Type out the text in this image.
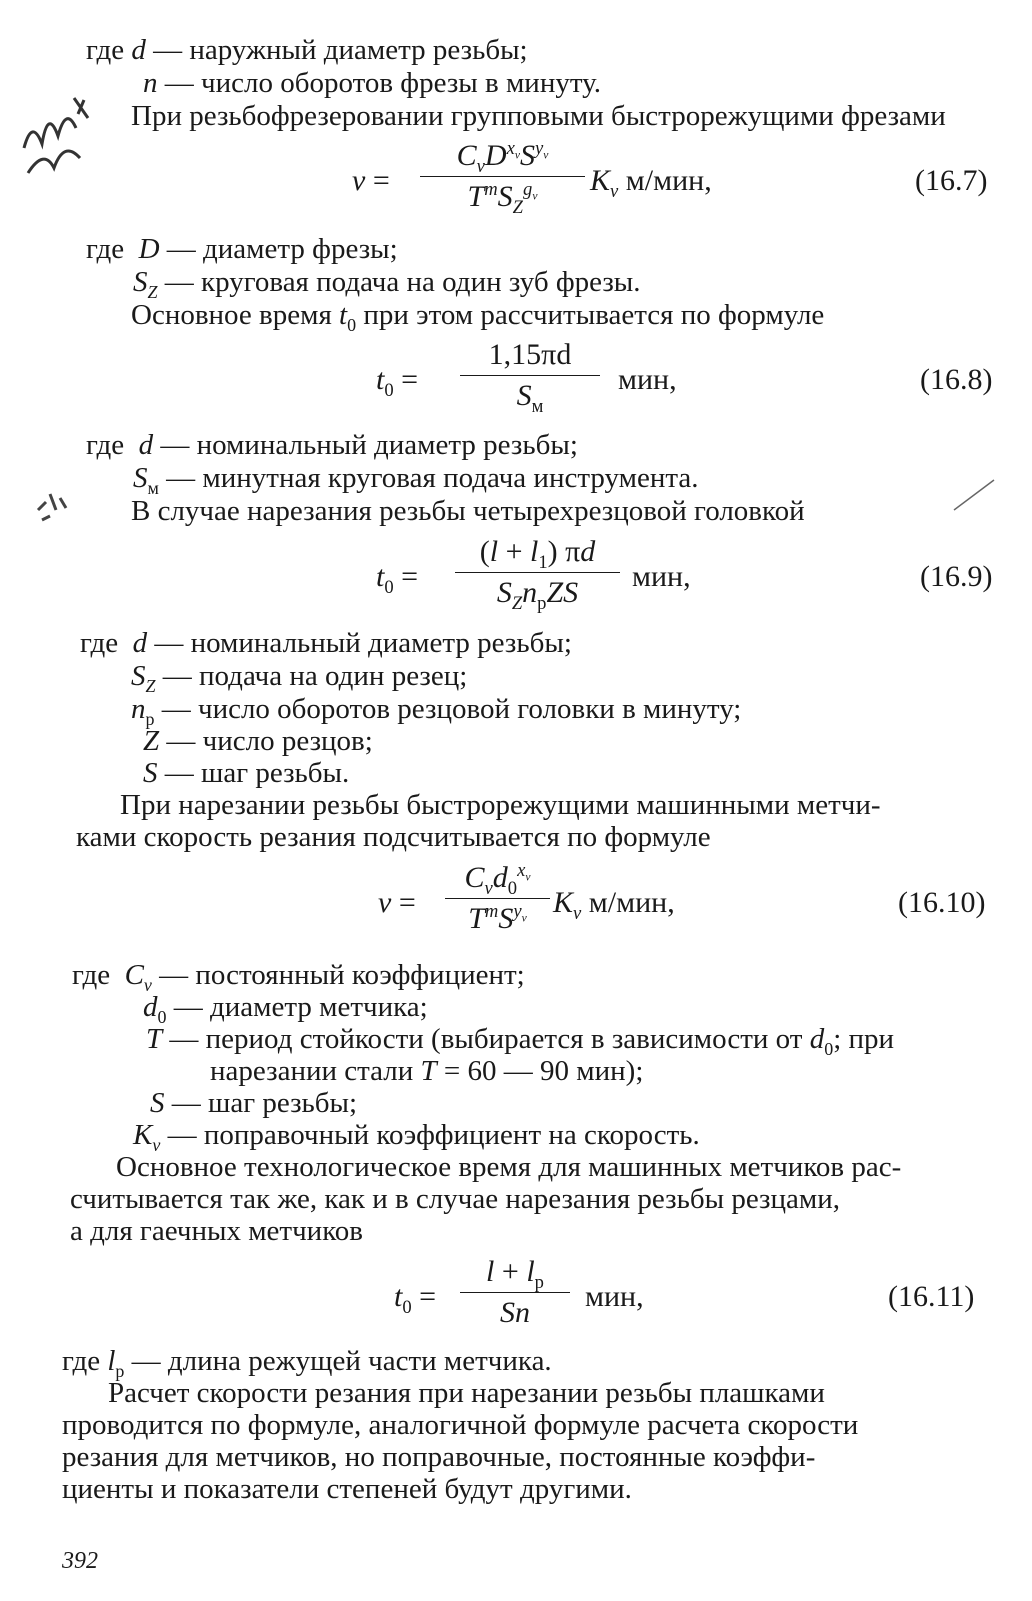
где d — наружный диаметр резьбы;
n — число оборотов фрезы в минуту.
При резьбофрезеровании групповыми быстрорежущими фрезами
v =
$C_vD^{x_v}S^{y_v}$
$T^mS_Z^{g_v}$	$K_v$ м/мин,	(16.7)
где  D — диаметр фрезы;
$S_Z$ — круговая подача на один зуб фрезы.
Основное время $t_0$ при этом рассчитывается по формуле
$t_0$ =
1,15πd
$S_м$
мин,	(16.8)
где  d — номинальный диаметр резьбы;
$S_м$ — минутная круговая подача инструмента.
В случае нарезания резьбы четырехрезцовой головкой
$t_0$ =
$(l + l_1)$ πd
$S_Zn_рZS$	мин,	(16.9)
где  d — номинальный диаметр резьбы;
$S_Z$ — подача на один резец;
$n_р$ — число оборотов резцовой головки в минуту;
Z — число резцов;
S — шаг резьбы.
При нарезании резьбы быстрорежущими машинными метчи-
ками скорость резания подсчитывается по формуле
v =
$C_vd_0^{x_v}$
$T^mS^{y_v}$ $K_v$ м/мин,	(16.10)
где  $C_v$ — постоянный коэффициент;
$d_0$ — диаметр метчика;
T — период стойкости (выбирается в зависимости от $d_0$; при
нарезании стали T = 60 — 90 мин);
S — шаг резьбы;
$K_v$ — поправочный коэффициент на скорость.
Основное технологическое время для машинных метчиков рас-
считывается так же, как и в случае нарезания резьбы резцами,
а для гаечных метчиков
$t_0$ =
$l + l_р$
Sn	мин,	(16.11)
где $l_р$ — длина режущей части метчика.
Расчет скорости резания при нарезании резьбы плашками
проводится по формуле, аналогичной формуле расчета скорости
резания для метчиков, но поправочные, постоянные коэффи-
циенты и показатели степеней будут другими.
392
